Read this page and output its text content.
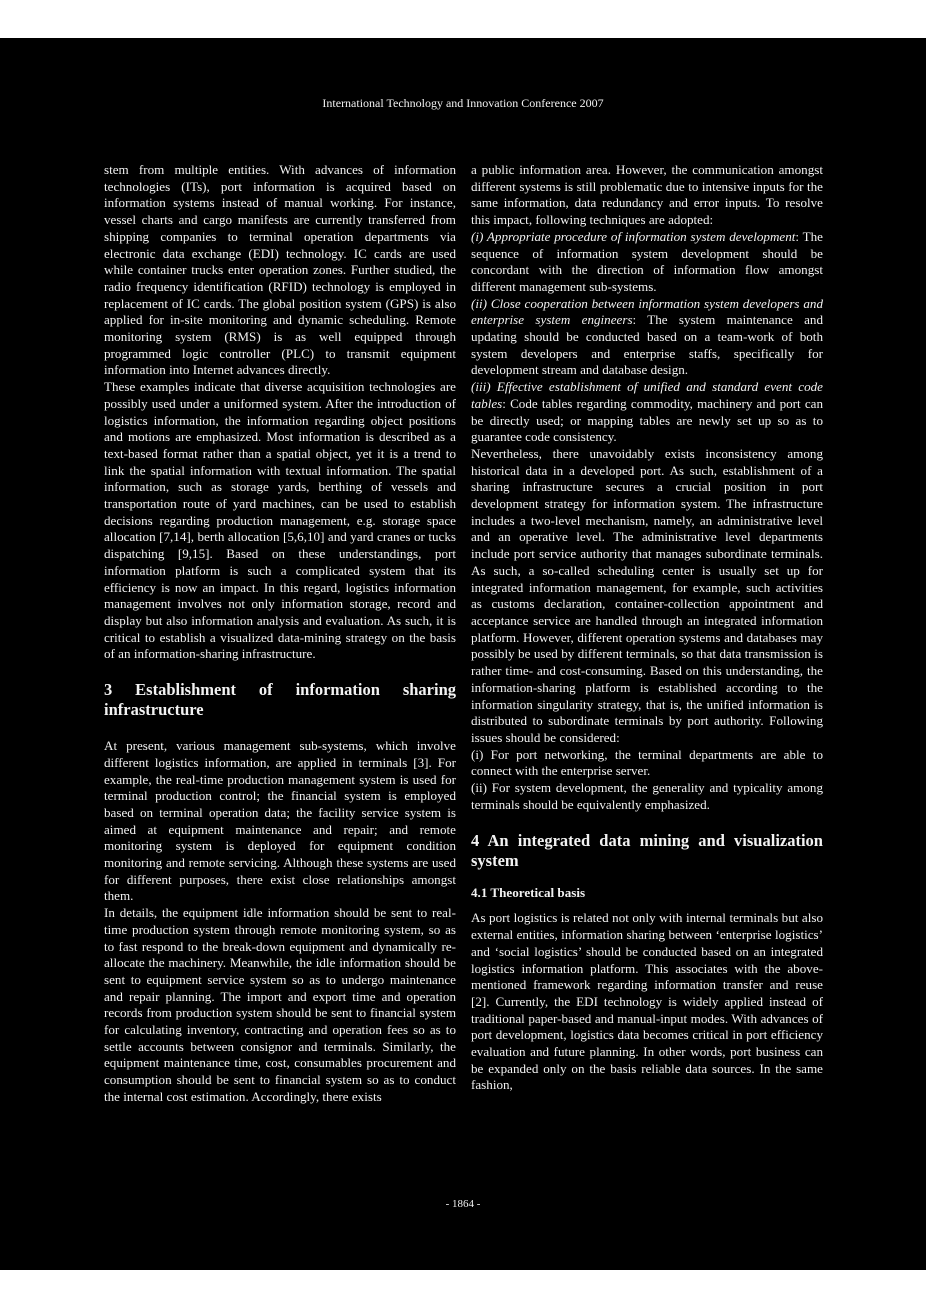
International Technology and Innovation Conference 2007

stem from multiple entities. With advances of information technologies (ITs), port information is acquired based on information systems instead of manual working. For instance, vessel charts and cargo manifests are currently transferred from shipping companies to terminal operation departments via electronic data exchange (EDI) technology. IC cards are used while container trucks enter operation zones. Further studied, the radio frequency identification (RFID) technology is employed in replacement of IC cards. The global position system (GPS) is also applied for in-site monitoring and dynamic scheduling. Remote monitoring system (RMS) is as well equipped through programmed logic controller (PLC) to transmit equipment information into Internet advances directly.

These examples indicate that diverse acquisition technologies are possibly used under a uniformed system. After the introduction of logistics information, the information regarding object positions and motions are emphasized. Most information is described as a text-based format rather than a spatial object, yet it is a trend to link the spatial information with textual information. The spatial information, such as storage yards, berthing of vessels and transportation route of yard machines, can be used to establish decisions regarding production management, e.g. storage space allocation [7,14], berth allocation [5,6,10] and yard cranes or tucks dispatching [9,15]. Based on these understandings, port information platform is such a complicated system that its efficiency is now an impact. In this regard, logistics information management involves not only information storage, record and display but also information analysis and evaluation. As such, it is critical to establish a visualized data-mining strategy on the basis of an information-sharing infrastructure.

3 Establishment of information sharing infrastructure

At present, various management sub-systems, which involve different logistics information, are applied in terminals [3]. For example, the real-time production management system is used for terminal production control; the financial system is employed based on terminal operation data; the facility service system is aimed at equipment maintenance and repair; and remote monitoring system is deployed for equipment condition monitoring and remote servicing. Although these systems are used for different purposes, there exist close relationships amongst them.

In details, the equipment idle information should be sent to real-time production system through remote monitoring system, so as to fast respond to the break-down equipment and dynamically re-allocate the machinery. Meanwhile, the idle information should be sent to equipment service system so as to undergo maintenance and repair planning. The import and export time and operation records from production system should be sent to financial system for calculating inventory, contracting and operation fees so as to settle accounts between consignor and terminals. Similarly, the equipment maintenance time, cost, consumables procurement and consumption should be sent to financial system so as to conduct the internal cost estimation. Accordingly, there exists

a public information area. However, the communication amongst different systems is still problematic due to intensive inputs for the same information, data redundancy and error inputs. To resolve this impact, following techniques are adopted:

(i) Appropriate procedure of information system development: The sequence of information system development should be concordant with the direction of information flow amongst different management sub-systems.

(ii) Close cooperation between information system developers and enterprise system engineers: The system maintenance and updating should be conducted based on a team-work of both system developers and enterprise staffs, specifically for development stream and database design.

(iii) Effective establishment of unified and standard event code tables: Code tables regarding commodity, machinery and port can be directly used; or mapping tables are newly set up so as to guarantee code consistency.

Nevertheless, there unavoidably exists inconsistency among historical data in a developed port. As such, establishment of a sharing infrastructure secures a crucial position in port development strategy for information system. The infrastructure includes a two-level mechanism, namely, an administrative level and an operative level. The administrative level departments include port service authority that manages subordinate terminals. As such, a so-called scheduling center is usually set up for integrated information management, for example, such activities as customs declaration, container-collection appointment and acceptance service are handled through an integrated information platform. However, different operation systems and databases may possibly be used by different terminals, so that data transmission is rather time- and cost-consuming. Based on this understanding, the information-sharing platform is established according to the information singularity strategy, that is, the unified information is distributed to subordinate terminals by port authority. Following issues should be considered:

(i) For port networking, the terminal departments are able to connect with the enterprise server.

(ii) For system development, the generality and typicality among terminals should be equivalently emphasized.

4 An integrated data mining and visualization system
4.1 Theoretical basis

As port logistics is related not only with internal terminals but also external entities, information sharing between ‘enterprise logistics’ and ‘social logistics’ should be conducted based on an integrated logistics information platform. This associates with the above-mentioned framework regarding information transfer and reuse [2]. Currently, the EDI technology is widely applied instead of traditional paper-based and manual-input modes. With advances of port development, logistics data becomes critical in port efficiency evaluation and future planning. In other words, port business can be expanded only on the basis reliable data sources. In the same fashion,

- 1864 -
